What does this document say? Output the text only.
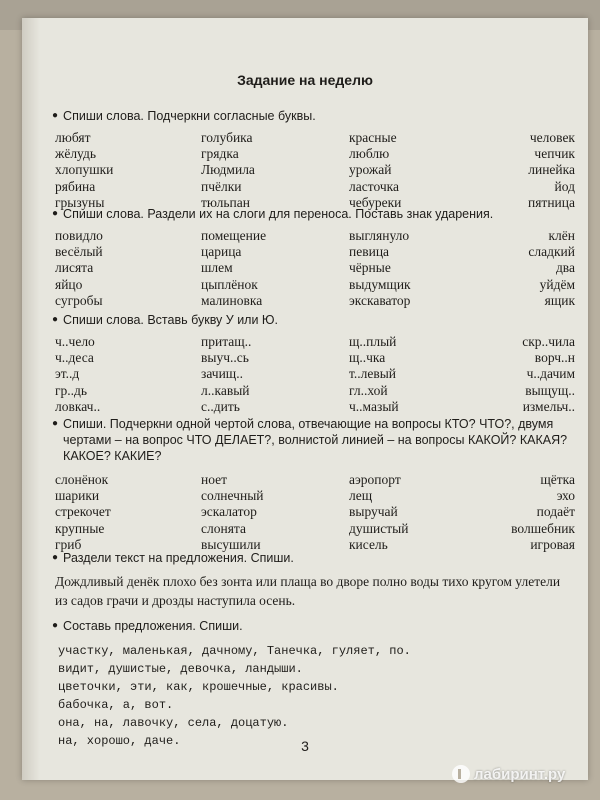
Задание на неделю
● Спиши слова. Подчеркни согласные буквы.
любят	голубика	красные	человек
жёлудь	грядка	люблю	чепчик
хлопушки	Людмила	урожай	линейка
рябина	пчёлки	ласточка	йод
грызуны	тюльпан	чебуреки	пятница
● Спиши слова. Раздели их на слоги для переноса. Поставь знак ударения.
повидло	помещение	выглянуло	клён
весёлый	царица	певица	сладкий
лисята	шлем	чёрные	два
яйцо	цыплёнок	выдумщик	уйдём
сугробы	малиновка	экскаватор	ящик
● Спиши слова. Вставь букву У или Ю.
ч..чело	притащ..	щ..плый	скр..чила
ч..деса	выуч..сь	щ..чка	ворч..н
эт..д	зачищ..	т..левый	ч..дачим
гр..дь	л..кавый	гл..хой	выщущ..
ловкач..	с..дить	ч..мазый	измельч..
● Спиши. Подчеркни одной чертой слова, отвечающие на вопросы КТО? ЧТО?, двумя чертами – на вопрос ЧТО ДЕЛАЕТ?, волнистой линией – на вопросы КАКОЙ? КАКАЯ? КАКОЕ? КАКИЕ?
слонёнок	ноет	аэропорт	щётка
шарики	солнечный	лещ	эхо
стрекочет	эскалатор	выручай	подаёт
крупные	слонята	душистый	волшебник
гриб	высушили	кисель	игровая
● Раздели текст на предложения. Спиши.
Дождливый денёк плохо без зонта или плаща во дворе полно воды тихо кругом улетели из садов грачи и дрозды наступила осень.
● Составь предложения. Спиши.
участку, маленькая, дачному, Танечка, гуляет, по.
видит, душистые, девочка, ландыши.
цветочки, эти, как, крошечные, красивы.
бабочка, а, вот.
она, на, лавочку, села, доцатую.
на, хорошо, даче.	3
лабиринт.ру
